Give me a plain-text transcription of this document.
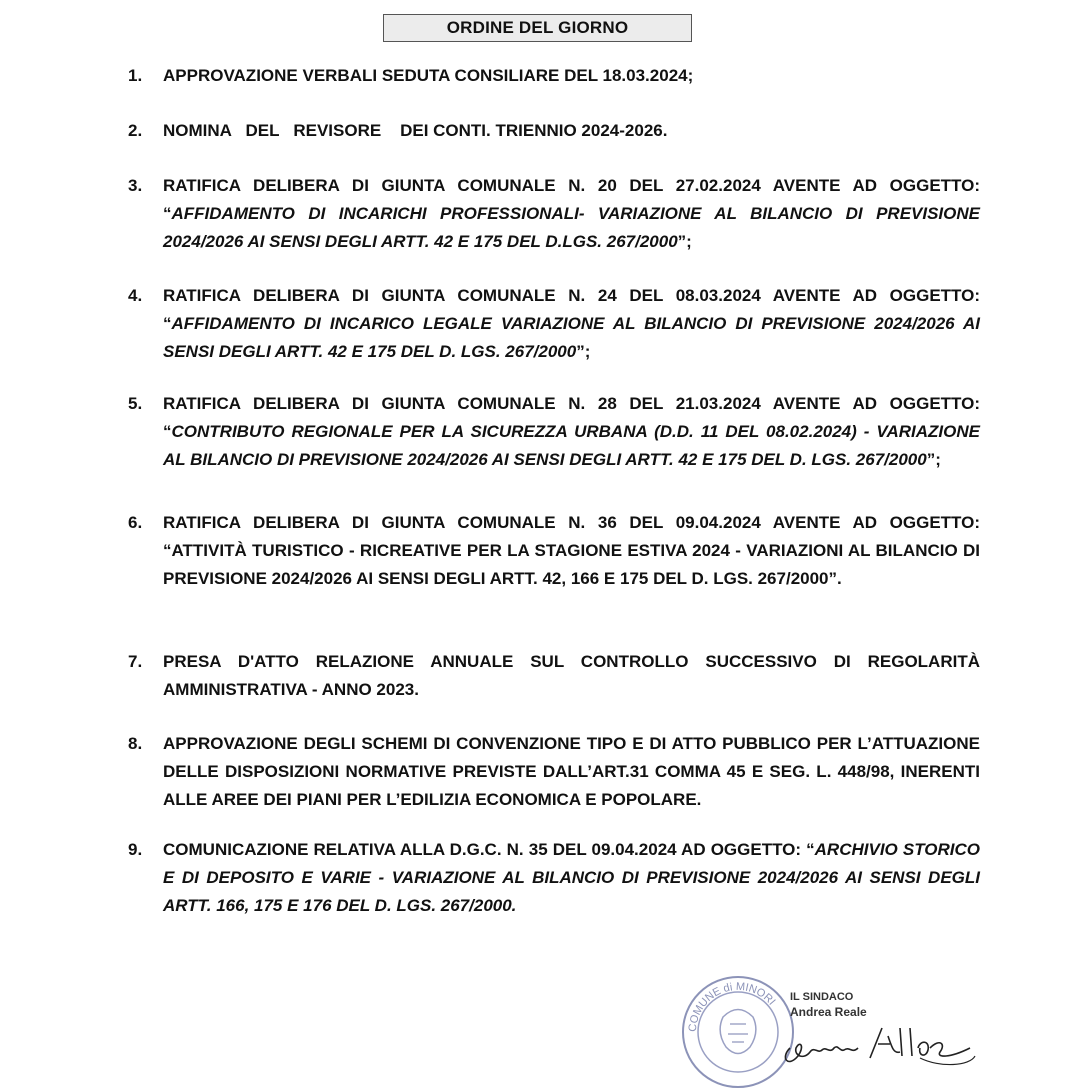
ORDINE DEL GIORNO
1.	APPROVAZIONE VERBALI SEDUTA CONSILIARE DEL 18.03.2024;
2.	NOMINA   DEL   REVISORE    DEI CONTI. TRIENNIO 2024-2026.
3.	RATIFICA DELIBERA DI GIUNTA COMUNALE N. 20 DEL 27.02.2024 AVENTE AD OGGETTO: “AFFIDAMENTO DI INCARICHI PROFESSIONALI- VARIAZIONE AL BILANCIO DI PREVISIONE 2024/2026 AI SENSI DEGLI ARTT. 42 E 175 DEL D.LGS. 267/2000”;
4.	RATIFICA DELIBERA DI GIUNTA COMUNALE N. 24 DEL 08.03.2024 AVENTE AD OGGETTO: “AFFIDAMENTO DI INCARICO LEGALE VARIAZIONE AL BILANCIO DI PREVISIONE 2024/2026 AI SENSI DEGLI ARTT. 42 E 175 DEL D. LGS. 267/2000”;
5.	RATIFICA DELIBERA DI GIUNTA COMUNALE N. 28 DEL 21.03.2024 AVENTE AD OGGETTO: “CONTRIBUTO REGIONALE PER LA SICUREZZA URBANA (D.D. 11 DEL 08.02.2024) - VARIAZIONE AL BILANCIO DI PREVISIONE 2024/2026 AI SENSI DEGLI ARTT. 42 E 175 DEL D. LGS. 267/2000”;
6.	RATIFICA DELIBERA DI GIUNTA COMUNALE N. 36 DEL 09.04.2024 AVENTE AD OGGETTO: “ATTIVITÀ TURISTICO - RICREATIVE PER LA STAGIONE ESTIVA 2024 - VARIAZIONI AL BILANCIO DI PREVISIONE 2024/2026 AI SENSI DEGLI ARTT. 42, 166 E 175 DEL D. LGS. 267/2000”.
7.	PRESA D'ATTO RELAZIONE ANNUALE SUL CONTROLLO SUCCESSIVO DI REGOLARITÀ AMMINISTRATIVA - ANNO 2023.
8.	APPROVAZIONE DEGLI SCHEMI DI CONVENZIONE TIPO E DI ATTO PUBBLICO PER L’ATTUAZIONE DELLE DISPOSIZIONI NORMATIVE PREVISTE DALL’ART.31 COMMA 45 E SEG. L. 448/98, INERENTI ALLE AREE DEI PIANI PER L’EDILIZIA ECONOMICA E POPOLARE.
9.	COMUNICAZIONE RELATIVA ALLA D.G.C. N. 35 DEL 09.04.2024 AD OGGETTO: “ARCHIVIO STORICO E DI DEPOSITO E VARIE - VARIAZIONE AL BILANCIO DI PREVISIONE 2024/2026 AI SENSI DEGLI ARTT. 166, 175 E 176 DEL D. LGS. 267/2000.
COMUNE di MINORI IL SINDACO
Andrea Reale
